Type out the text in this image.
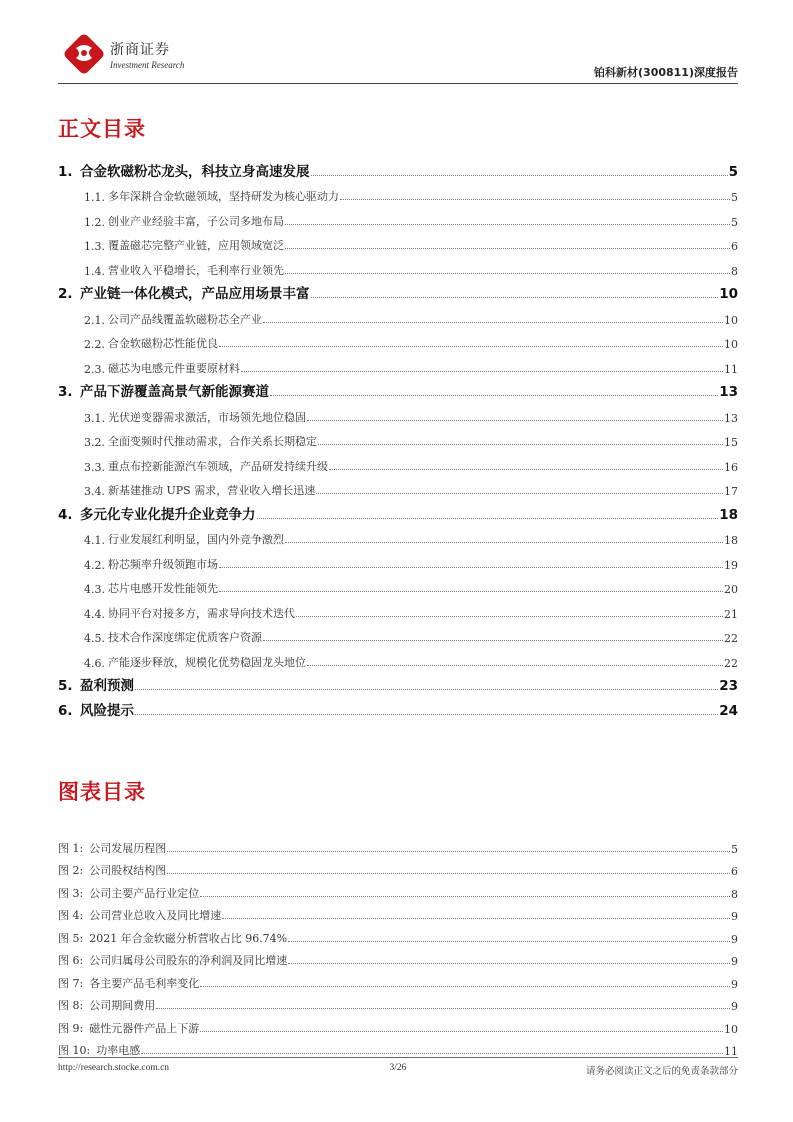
浙商证券
Investment Research
铂科新材(300811)深度报告
正文目录
1. 合金软磁粉芯龙头，科技立身高速发展	5
1.1. 多年深耕合金软磁领域，坚持研发为核心驱动力	5
1.2. 创业产业经验丰富，子公司多地布局	5
1.3. 覆盖磁芯完整产业链，应用领域宽泛	6
1.4. 营业收入平稳增长，毛利率行业领先	8
2. 产业链一体化模式，产品应用场景丰富	10
2.1. 公司产品线覆盖软磁粉芯全产业	10
2.2. 合金软磁粉芯性能优良	10
2.3. 磁芯为电感元件重要原材料	11
3. 产品下游覆盖高景气新能源赛道	13
3.1. 光伏逆变器需求激活，市场领先地位稳固	13
3.2. 全面变频时代推动需求，合作关系长期稳定	15
3.3. 重点布控新能源汽车领域，产品研发持续升级	16
3.4. 新基建推动 UPS 需求，营业收入增长迅速	17
4. 多元化专业化提升企业竞争力	18
4.1. 行业发展红利明显，国内外竞争激烈	18
4.2. 粉芯频率升级领跑市场	19
4.3. 芯片电感开发性能领先	20
4.4. 协同平台对接多方，需求导向技术迭代	21
4.5. 技术合作深度绑定优质客户资源	22
4.6. 产能逐步释放，规模化优势稳固龙头地位	22
5. 盈利预测	23
6. 风险提示	24
图表目录
图 1: 公司发展历程图	5
图 2: 公司股权结构图	6
图 3: 公司主要产品行业定位	8
图 4: 公司营业总收入及同比增速	9
图 5: 2021 年合金软磁分析营收占比 96.74%	9
图 6: 公司归属母公司股东的净利润及同比增速	9
图 7: 各主要产品毛利率变化	9
图 8: 公司期间费用	9
图 9: 磁性元器件产品上下游	10
图 10: 功率电感	11
http://research.stocke.com.cn	3/26	请务必阅读正文之后的免责条款部分
